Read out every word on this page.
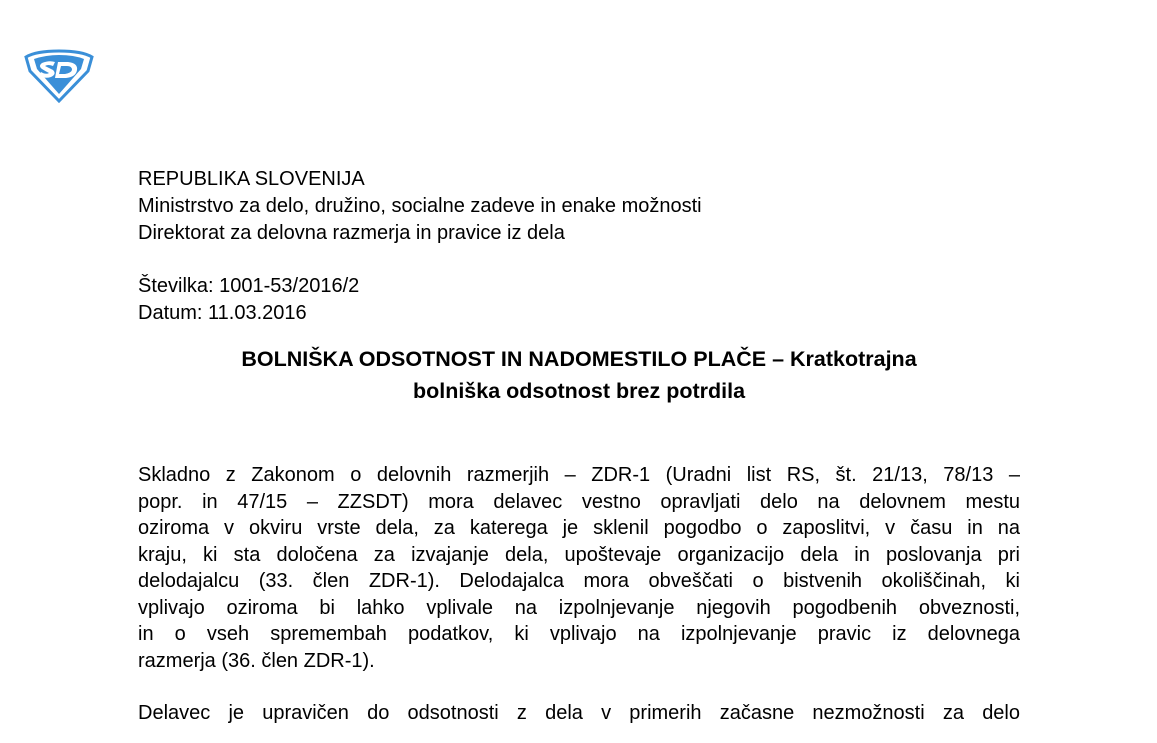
REPUBLIKA SLOVENIJA
Ministrstvo za delo, družino, socialne zadeve in enake možnosti
Direktorat za delovna razmerja in pravice iz dela
Številka: 1001-53/2016/2
Datum: 11.03.2016
BOLNIŠKA ODSOTNOST IN NADOMESTILO PLAČE – Kratkotrajna
bolniška odsotnost brez potrdila
Skladno z Zakonom o delovnih razmerjih – ZDR-1 (Uradni list RS, št. 21/13, 78/13 –
popr. in 47/15 – ZZSDT) mora delavec vestno opravljati delo na delovnem mestu
oziroma v okviru vrste dela, za katerega je sklenil pogodbo o zaposlitvi, v času in na
kraju, ki sta določena za izvajanje dela, upoštevaje organizacijo dela in poslovanja pri
delodajalcu (33. člen ZDR-1). Delodajalca mora obveščati o bistvenih okoliščinah, ki
vplivajo oziroma bi lahko vplivale na izpolnjevanje njegovih pogodbenih obveznosti,
in o vseh spremembah podatkov, ki vplivajo na izpolnjevanje pravic iz delovnega
razmerja (36. člen ZDR-1).
Delavec je upravičen do odsotnosti z dela v primerih začasne nezmožnosti za delo
